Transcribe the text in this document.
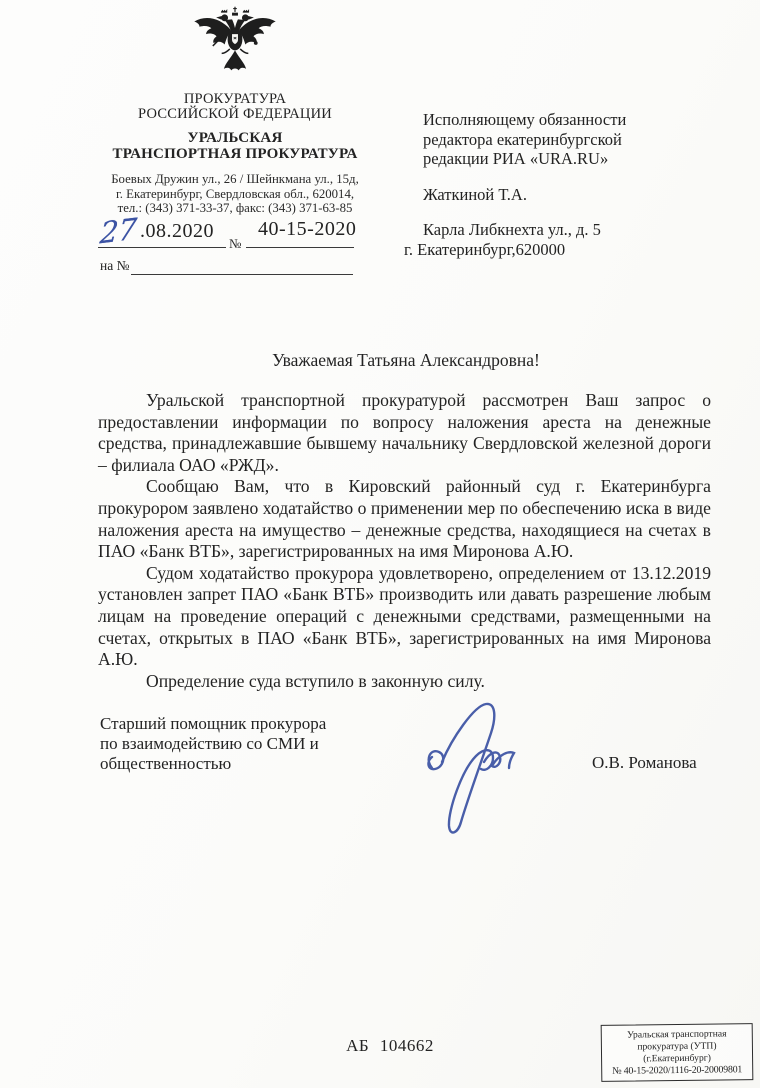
ПРОКУРАТУРА
РОССИЙСКОЙ ФЕДЕРАЦИИ
УРАЛЬСКАЯ
ТРАНСПОРТНАЯ ПРОКУРАТУРА
Боевых Дружин ул., 26 / Шейнкмана ул., 15д,
г. Екатеринбург, Свердловская обл., 620014,
тел.: (343) 371-33-37, факс: (343) 371-63-85
27 .08.2020 40-15-2020
№
на №
Исполняющему обязанности
редактора екатеринбургской
редакции РИА «URA.RU»
Жаткиной Т.А.
Карла Либкнехта ул., д. 5
г. Екатеринбург,620000
Уважаемая Татьяна Александровна!

Уральской транспортной прокуратурой рассмотрен Ваш запрос о предоставлении информации по вопросу наложения ареста на денежные средства, принадлежавшие бывшему начальнику Свердловской железной дороги – филиала ОАО «РЖД».

Сообщаю Вам, что в Кировский районный суд г. Екатеринбурга прокурором заявлено ходатайство о применении мер по обеспечению иска в виде наложения ареста на имущество – денежные средства, находящиеся на счетах в ПАО «Банк ВТБ», зарегистрированных на имя Миронова А.Ю.

Судом ходатайство прокурора удовлетворено, определением от 13.12.2019 установлен запрет ПАО «Банк ВТБ» производить или давать разрешение любым лицам на проведение операций с денежными средствами, размещенными на счетах, открытых в ПАО «Банк ВТБ», зарегистрированных на имя Миронова А.Ю.

Определение суда вступило в законную силу.

Старший помощник прокурора
по взаимодействию со СМИ и
общественностью	О.В. Романова
АБ 104662
Уральская транспортная
прокуратура (УТП)
(г.Екатеринбург)
№ 40-15-2020/1116-20-20009801
